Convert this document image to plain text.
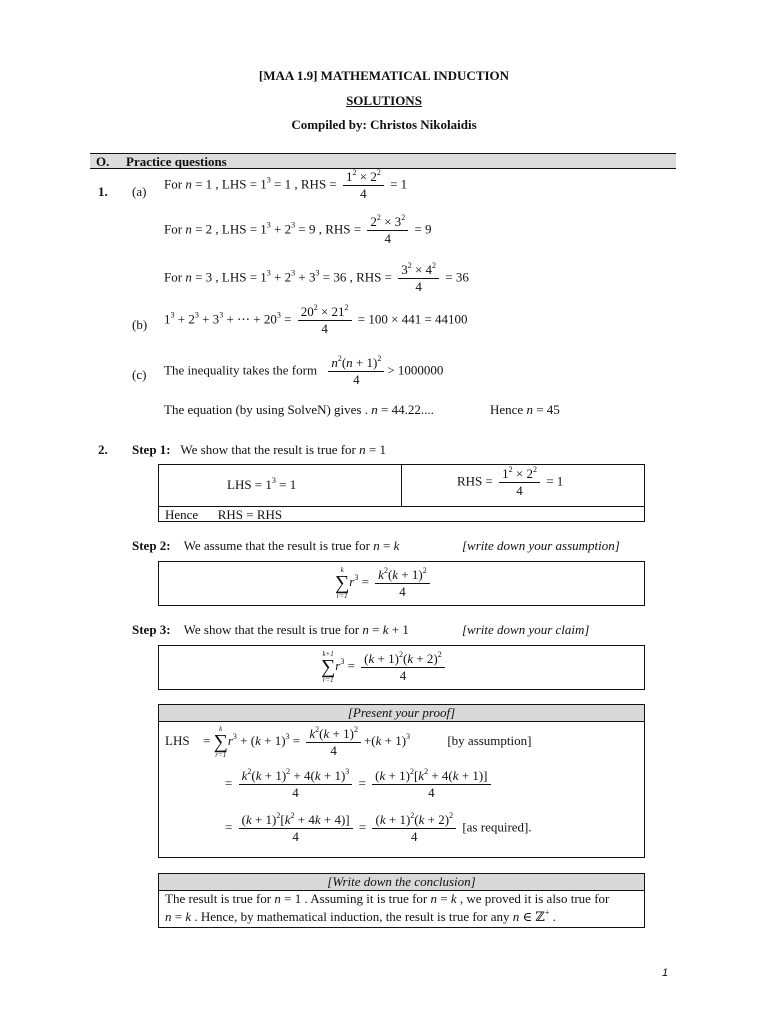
[MAA 1.9] MATHEMATICAL INDUCTION
SOLUTIONS
Compiled by: Christos Nikolaidis
O. Practice questions
1. (a)
For n = 1 , LHS = $1^3 = 1$ , RHS = $\frac{1^2 \times 2^2}{4} = 1$
For n = 2 , LHS = $1^3 + 2^3 = 9$ , RHS = $\frac{2^2 \times 3^2}{4} = 9$
For n = 3 , LHS = $1^3 + 2^3 + 3^3 = 36$ , RHS = $\frac{3^2 \times 4^2}{4} = 36$
(b) $1^3 + 2^3 + 3^3$ + ⋯ + $20^3 = \frac{20^2 \times 21^2}{4} = 100 \times 441 = 44100$
(c) The inequality takes the form $\frac{n^2(n + 1)^2}{4} > 1000000$
The equation (by using SolveN) gives . n = 44.22....	Hence n = 45
2. Step 1: We show that the result is true for n = 1
LHS = $1^3 = 1$	RHS = $\frac{1^2 \times 2^2}{4} = 1$
Hence RHS = RHS
Step 2: We assume that the result is true for n = k	[write down your assumption]
k
∑
r=1
$r^3 = \frac{k^2(k + 1)^2}{4}$
Step 3: We show that the result is true for n = k + 1	[write down your claim]
k+1
∑
r=1
$r^3 = \frac{(k + 1)^2(k + 2)^2}{4}$
[Present your proof]
LHS =
k
∑
r=1
$r^3 + (k + 1)^3 = \frac{k^2(k + 1)^2}{4} +(k + 1)^3$	[by assumption]
= $\frac{k^2(k + 1)^2 + 4(k + 1)^3}{4} = \frac{(k + 1)^2[k^2 + 4(k + 1)]}{4}$
= $\frac{(k + 1)^2[k^2 + 4k + 4)]}{4} = \frac{(k + 1)^2(k + 2)^2}{4} [as$ required].
[Write down the conclusion]
The result is true for n = 1 . Assuming it is true for n = k , we proved it is also true for
n = k . Hence, by mathematical induction, the result is true for any n ∈ ℤ+ .
1
